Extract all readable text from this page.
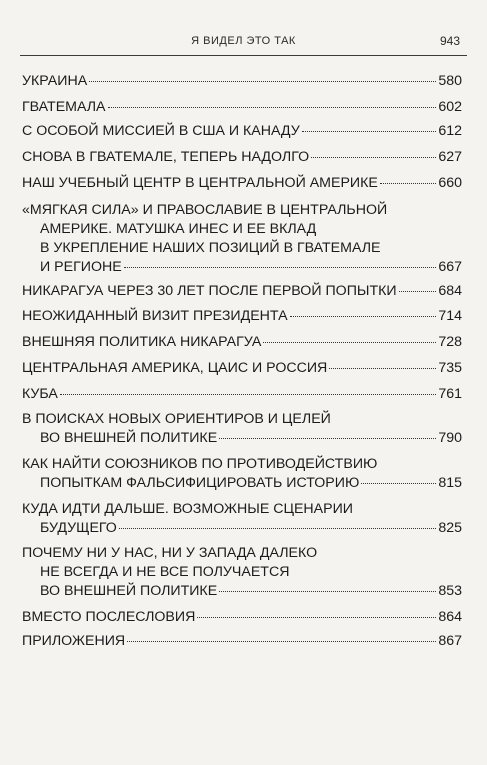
Я ВИДЕЛ ЭТО ТАК	943
УКРАИНА	580
ГВАТЕМАЛА	602
С ОСОБОЙ МИССИЕЙ В США И КАНАДУ	612
СНОВА В ГВАТЕМАЛЕ, ТЕПЕРЬ НАДОЛГО	627
НАШ УЧЕБНЫЙ ЦЕНТР В ЦЕНТРАЛЬНОЙ АМЕРИКЕ	660
«МЯГКАЯ СИЛА» И ПРАВОСЛАВИЕ В ЦЕНТРАЛЬНОЙ
АМЕРИКЕ. МАТУШКА ИНЕС И ЕЕ ВКЛАД
В УКРЕПЛЕНИЕ НАШИХ ПОЗИЦИЙ В ГВАТЕМАЛЕ
И РЕГИОНЕ	667
НИКАРАГУА ЧЕРЕЗ 30 ЛЕТ ПОСЛЕ ПЕРВОЙ ПОПЫТКИ	684
НЕОЖИДАННЫЙ ВИЗИТ ПРЕЗИДЕНТА	714
ВНЕШНЯЯ ПОЛИТИКА НИКАРАГУА	728
ЦЕНТРАЛЬНАЯ АМЕРИКА, ЦАИС И РОССИЯ	735
КУБА	761
В ПОИСКАХ НОВЫХ ОРИЕНТИРОВ И ЦЕЛЕЙ
ВО ВНЕШНЕЙ ПОЛИТИКЕ	790
КАК НАЙТИ СОЮЗНИКОВ ПО ПРОТИВОДЕЙСТВИЮ
ПОПЫТКАМ ФАЛЬСИФИЦИРОВАТЬ ИСТОРИЮ	815
КУДА ИДТИ ДАЛЬШЕ. ВОЗМОЖНЫЕ СЦЕНАРИИ
БУДУЩЕГО	825
ПОЧЕМУ НИ У НАС, НИ У ЗАПАДА ДАЛЕКО
НЕ ВСЕГДА И НЕ ВСЕ ПОЛУЧАЕТСЯ
ВО ВНЕШНЕЙ ПОЛИТИКЕ	853
ВМЕСТО ПОСЛЕСЛОВИЯ	864
ПРИЛОЖЕНИЯ	867
